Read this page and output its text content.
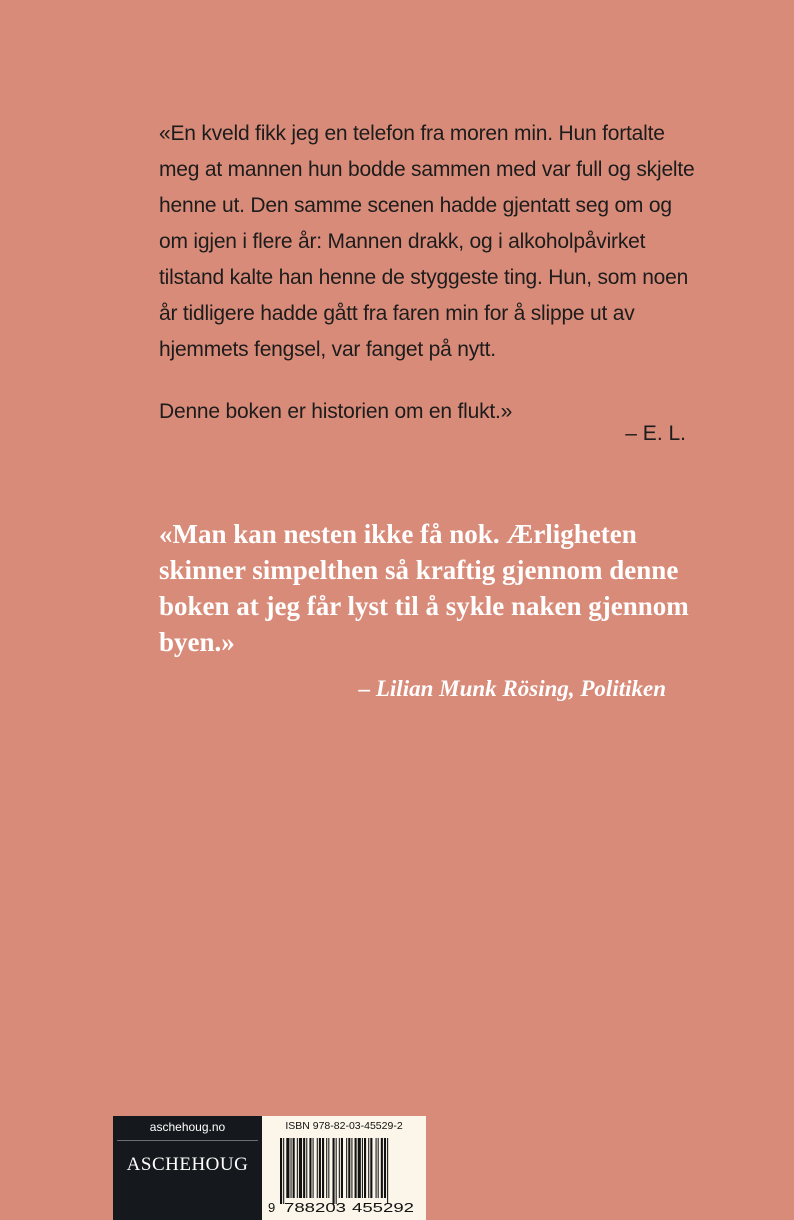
«En kveld fikk jeg en telefon fra moren min. Hun fortalte meg at mannen hun bodde sammen med var full og skjelte henne ut. Den samme scenen hadde gjentatt seg om og om igjen i flere år: Mannen drakk, og i alkoholpåvirket tilstand kalte han henne de styggeste ting. Hun, som noen år tidligere hadde gått fra faren min for å slippe ut av hjemmets fengsel, var fanget på nytt.

Denne boken er historien om en flukt.»

– E. L.

«Man kan nesten ikke få nok. Ærligheten skinner simpelthen så kraftig gjennom denne boken at jeg får lyst til å sykle naken gjennom byen.»

– Lilian Munk Rösing, Politiken
aschehoug.no
ASCHEHOUG
ISBN 978-82-03-45529-2
9 788203 455292
